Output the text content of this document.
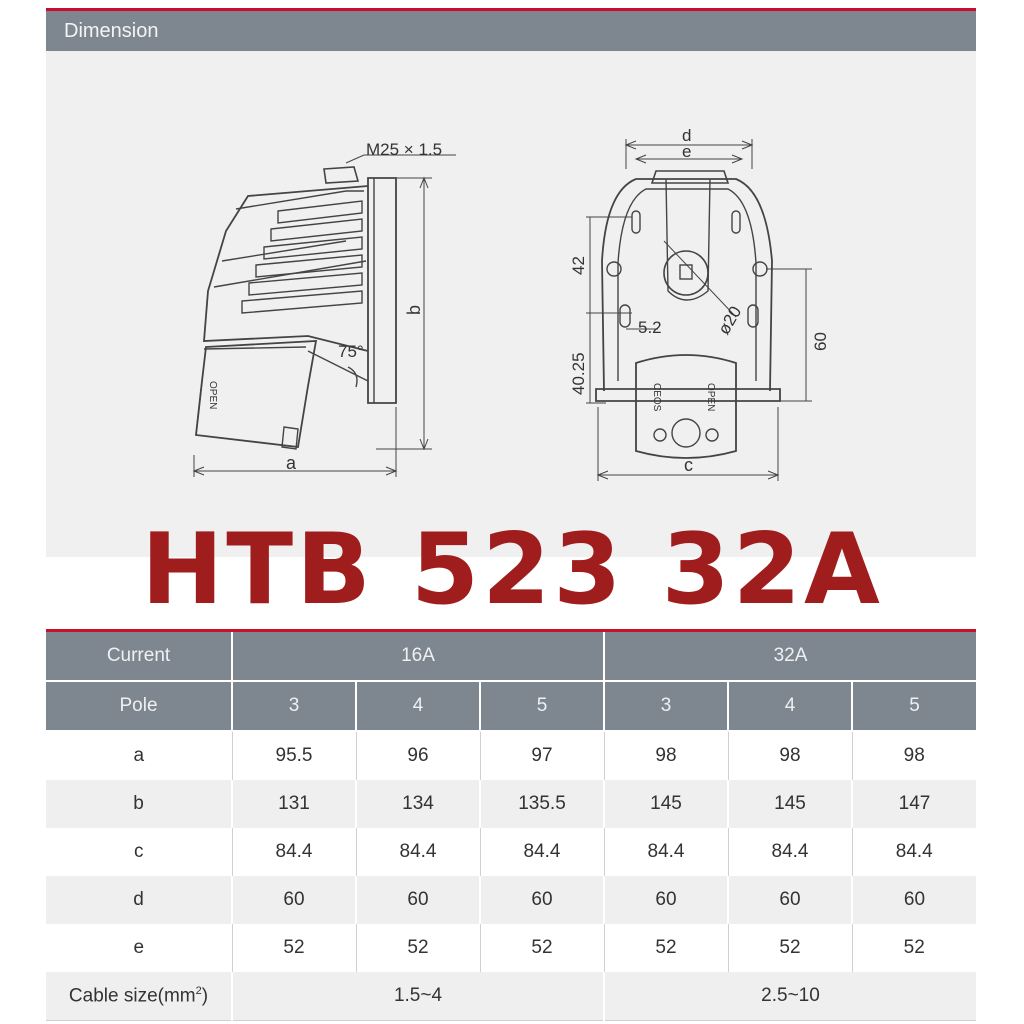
Dimension
M25 × 1.5
b
a
75°
OPEN
d
e
c
42
40.25
5.2	ø20
60
CEOS	OPEN
HTB 523 32A
Current	16A			32A		
Pole	3	4	5	3	4	5
a	95.5	96	97	98	98	98
b	131	134	135.5	145	145	147
c	84.4	84.4	84.4	84.4	84.4	84.4
d	60	60	60	60	60	60
e	52	52	52	52	52	52
Cable $size(mm^2)$	1.5~4			2.5~10		
